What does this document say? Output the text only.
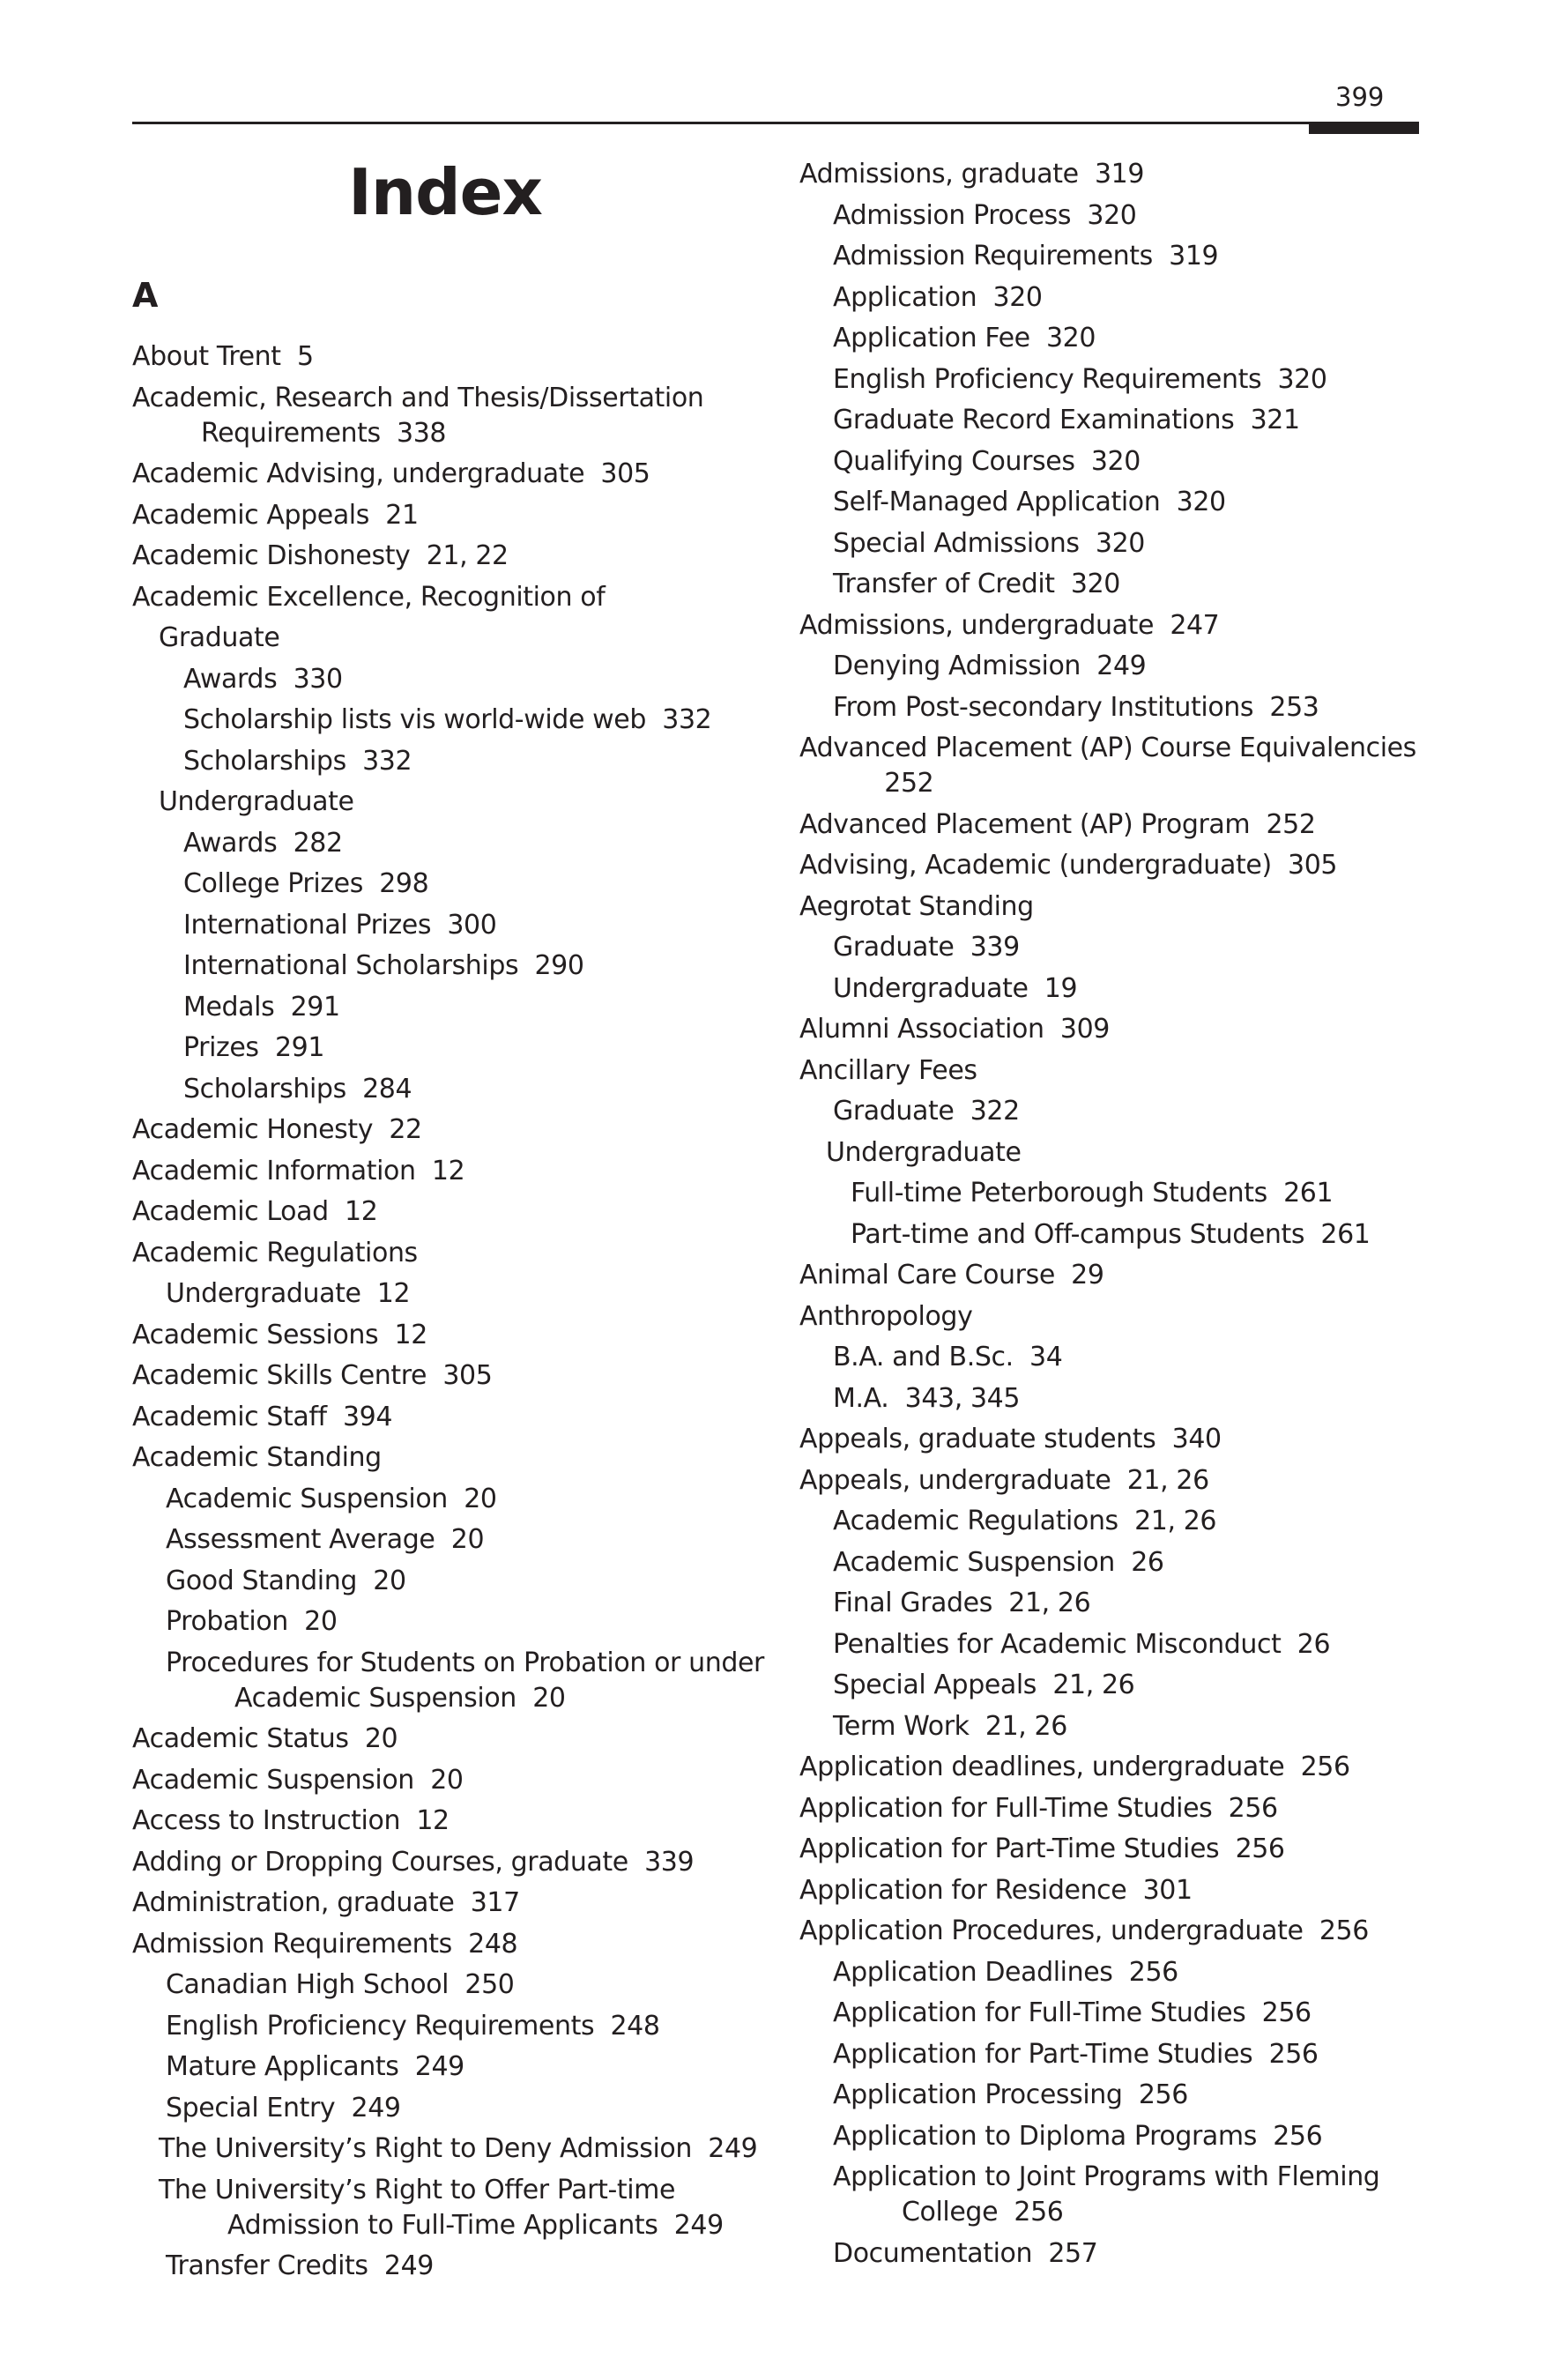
399
Index
A
About Trent 5
Academic, Research and Thesis/Dissertation Requirements 338
Academic Advising, undergraduate 305
Academic Appeals 21
Academic Dishonesty 21, 22
Academic Excellence, Recognition of
Graduate
Awards 330
Scholarship lists vis world-wide web 332
Scholarships 332
Undergraduate
Awards 282
College Prizes 298
International Prizes 300
International Scholarships 290
Medals 291
Prizes 291
Scholarships 284
Academic Honesty 22
Academic Information 12
Academic Load 12
Academic Regulations
Undergraduate 12
Academic Sessions 12
Academic Skills Centre 305
Academic Staff 394
Academic Standing
Academic Suspension 20
Assessment Average 20
Good Standing 20
Probation 20
Procedures for Students on Probation or under Academic Suspension 20
Academic Status 20
Academic Suspension 20
Access to Instruction 12
Adding or Dropping Courses, graduate 339
Administration, graduate 317
Admission Requirements 248
Canadian High School 250
English Proficiency Requirements 248
Mature Applicants 249
Special Entry 249
The University’s Right to Deny Admission 249
The University’s Right to Offer Part-time Admission to Full-Time Applicants 249
Transfer Credits 249
Admissions, graduate 319
Admission Process 320
Admission Requirements 319
Application 320
Application Fee 320
English Proficiency Requirements 320
Graduate Record Examinations 321
Qualifying Courses 320
Self-Managed Application 320
Special Admissions 320
Transfer of Credit 320
Admissions, undergraduate 247
Denying Admission 249
From Post-secondary Institutions 253
Advanced Placement (AP) Course Equivalencies  252
Advanced Placement (AP) Program 252
Advising, Academic (undergraduate) 305
Aegrotat Standing
Graduate 339
Undergraduate 19
Alumni Association 309
Ancillary Fees
Graduate 322
Undergraduate
Full-time Peterborough Students 261
Part-time and Off-campus Students 261
Animal Care Course 29
Anthropology
B.A. and B.Sc. 34
M.A. 343, 345
Appeals, graduate students 340
Appeals, undergraduate 21, 26
Academic Regulations 21, 26
Academic Suspension 26
Final Grades 21, 26
Penalties for Academic Misconduct 26
Special Appeals 21, 26
Term Work 21, 26
Application deadlines, undergraduate 256
Application for Full-Time Studies 256
Application for Part-Time Studies 256
Application for Residence 301
Application Procedures, undergraduate 256
Application Deadlines 256
Application for Full-Time Studies 256
Application for Part-Time Studies 256
Application Processing 256
Application to Diploma Programs 256
Application to Joint Programs with Fleming College 256
Documentation 257
